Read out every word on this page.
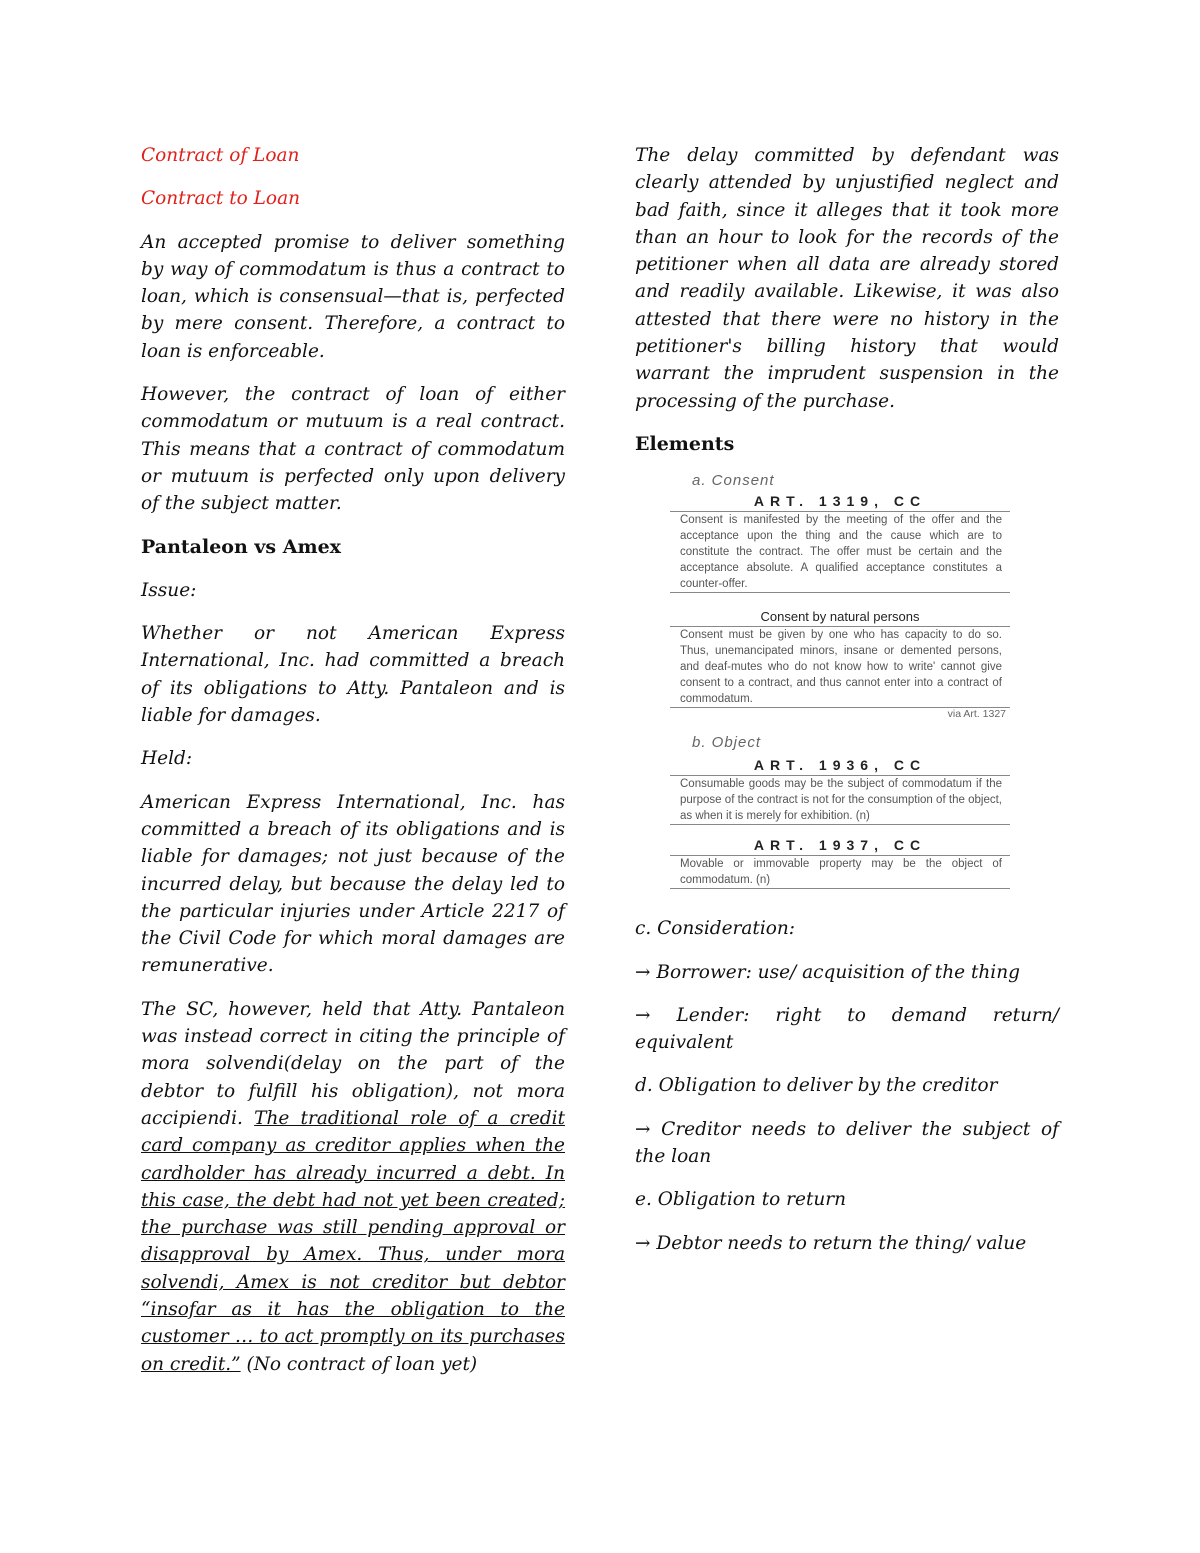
Contract of Loan

Contract to Loan

An accepted promise to deliver something by way of commodatum is thus a contract to loan, which is consensual—that is, perfected by mere consent. Therefore, a contract to loan is enforceable.

However, the contract of loan of either commodatum or mutuum is a real contract. This means that a contract of commodatum or mutuum is perfected only upon delivery of the subject matter.

Pantaleon vs Amex

Issue:

Whether or not American Express International, Inc. had committed a breach of its obligations to Atty. Pantaleon and is liable for damages.

Held:

American Express International, Inc. has committed a breach of its obligations and is liable for damages; not just because of the incurred delay, but because the delay led to the particular injuries under Article 2217 of the Civil Code for which moral damages are remunerative.

The SC, however, held that Atty. Pantaleon was instead correct in citing the principle of mora solvendi(delay on the part of the debtor to fulfill his obligation), not mora accipiendi. The traditional role of a credit card company as creditor applies when the cardholder has already incurred a debt. In this case, the debt had not yet been created; the purchase was still pending approval or disapproval by Amex. Thus, under mora solvendi, Amex is not creditor but debtor “insofar as it has the obligation to the customer … to act promptly on its purchases on credit.” (No contract of loan yet)

The delay committed by defendant was clearly attended by unjustified neglect and bad faith, since it alleges that it took more than an hour to look for the records of the petitioner when all data are already stored and readily available. Likewise, it was also attested that there were no history in the petitioner's billing history that would warrant the imprudent suspension in the processing of the purchase.

Elements

a. Consent
ART. 1319, CC
Consent is manifested by the meeting of the offer and the acceptance upon the thing and the cause which are to constitute the contract. The offer must be certain and the acceptance absolute. A qualified acceptance constitutes a counter-offer.
Consent by natural persons
Consent must be given by one who has capacity to do so. Thus, unemancipated minors, insane or demented persons, and deaf-mutes who do not know how to write' cannot give consent to a contract, and thus cannot enter into a contract of commodatum.
via Art. 1327
b. Object
ART. 1936, CC
Consumable goods may be the subject of commodatum if the purpose of the contract is not for the consumption of the object, as when it is merely for exhibition. (n)
ART. 1937, CC
Movable or immovable property may be the object of commodatum. (n)

c. Consideration:

→ Borrower: use/ acquisition of the thing

→ Lender: right to demand return/ equivalent

d. Obligation to deliver by the creditor

→ Creditor needs to deliver the subject of the loan

e. Obligation to return

→ Debtor needs to return the thing/ value
